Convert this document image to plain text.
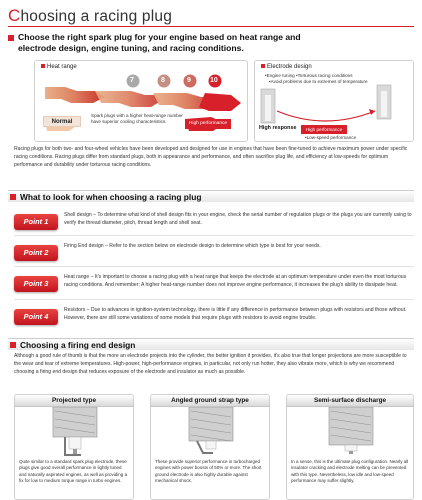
Choosing a racing plug
Choose the right spark plug for your engine based on heat range and
electrode design, engine tuning, and racing conditions.
Heat range
7	8	9	10
Normal
Spark plugs with a higher heat-range number
have superior cooling characteristics.	High performance
Electrode design
•Engine tuning •Torturous racing conditions
•Avoid problems due to extremes of temperature
High response	High performance
•Low-speed performance
Racing plugs for both two- and four-wheel vehicles have been developed and designed for use in engines that have been fine-tuned to achieve maximum power under specific racing conditions. Racing plugs differ from standard plugs, both in appearance and performance, and often sacrifice plug life, and efficiency at low-speeds for optimum performance and durability under torturous racing conditions.
What to look for when choosing a racing plug
Point 1
Shell design – To determine what kind of shell design fits in your engine, check the serial number of regulation plugs or the plugs you are currently using to verify the thread diameter, pitch, thread length and shell seat.
Point 2
Firing End design – Refer to the section below on electrode design to determine which type is best for your needs.
Point 3
Heat range – It's important to choose a racing plug with a heat range that keeps the electrode at an optimum temperature under even the most torturous racing conditions. And remember: A higher heat-range number does not improve engine performance, it increases the plug's ability to dissipate heat.
Point 4
Resistors – Due to advances in ignition-system technology, there is little if any difference in performance between plugs with resistors and those without. However, there are still some variations of some models that require plugs with resistors to avoid engine trouble.
Choosing a firing end design
Although a good rule of thumb is that the more an electrode projects into the cylinder, the better ignition it provides, it's also true that longer projections are more susceptible to the wear and tear of extreme temperatures. High-power, high-performance engines, in particular, not only run hotter, they also vibrate more, which is why we recommend choosing a firing end design that reduces exposure of the electrode and insulator as much as possible.
Projected type
Quite similar to a standard spark plug electrode, these plugs give good overall performance in lightly tuned and naturally aspirated engines, as well as providing a fix for low to medium torque range in turbo engines.
Angled ground strap type
These provide superior performance in turbocharged engines with power boosts of 50% or more. The short ground electrode is also highly durable against mechanical shock.
Semi-surface discharge
In a sense, this is the ultimate plug configuration. Nearly all insulator cracking and electrode melting can be prevented with this type. Nevertheless, low idle and low-speed performance may suffer slightly.
